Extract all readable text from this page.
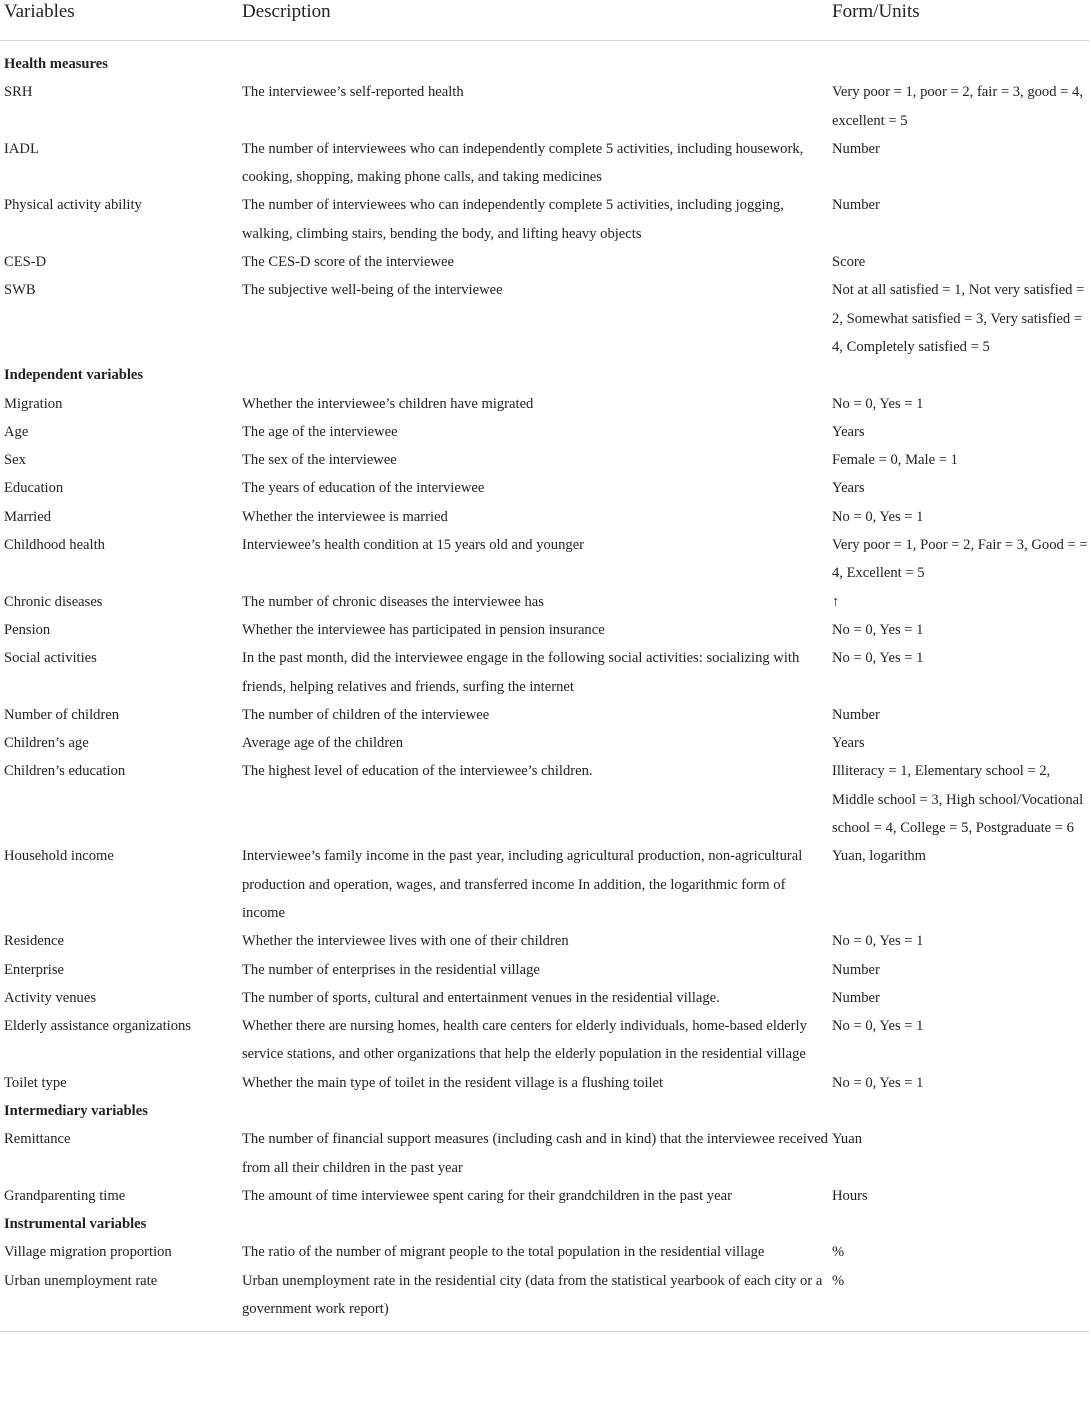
Variables	Description	Form/Units
Health measures		
SRH	The interviewee’s self-reported health	Very poor = 1, poor = 2, fair = 3, good = 4, excellent = 5
IADL	The number of interviewees who can independently complete 5 activities, including housework, cooking, shopping, making phone calls, and taking medicines	Number
Physical activity ability	The number of interviewees who can independently complete 5 activities, including jogging, walking, climbing stairs, bending the body, and lifting heavy objects	Number
CES-D	The CES-D score of the interviewee	Score
SWB	The subjective well-being of the interviewee	Not at all satisfied = 1, Not very satisfied = 2, Somewhat satisfied = 3, Very satisfied = 4, Completely satisfied = 5
Independent variables		
Migration	Whether the interviewee’s children have migrated	No = 0, Yes = 1
Age	The age of the interviewee	Years
Sex	The sex of the interviewee	Female = 0, Male = 1
Education	The years of education of the interviewee	Years
Married	Whether the interviewee is married	No = 0, Yes = 1
Childhood health	Interviewee’s health condition at 15 years old and younger	Very poor = 1, Poor = 2, Fair = 3, Good = = 4, Excellent = 5
Chronic diseases	The number of chronic diseases the interviewee has	↑
Pension	Whether the interviewee has participated in pension insurance	No = 0, Yes = 1
Social activities	In the past month, did the interviewee engage in the following social activities: socializing with friends, helping relatives and friends, surfing the internet	No = 0, Yes = 1
Number of children	The number of children of the interviewee	Number
Children’s age	Average age of the children	Years
Children’s education	The highest level of education of the interviewee’s children.	Illiteracy = 1, Elementary school = 2, Middle school = 3, High school/Vocational school = 4, College = 5, Postgraduate = 6
Household income	Interviewee’s family income in the past year, including agricultural production, non-agricultural production and operation, wages, and transferred income In addition, the logarithmic form of income	Yuan, logarithm
Residence	Whether the interviewee lives with one of their children	No = 0, Yes = 1
Enterprise	The number of enterprises in the residential village	Number
Activity venues	The number of sports, cultural and entertainment venues in the residential village.	Number
Elderly assistance organizations	Whether there are nursing homes, health care centers for elderly individuals, home-based elderly service stations, and other organizations that help the elderly population in the residential village	No = 0, Yes = 1
Toilet type	Whether the main type of toilet in the resident village is a flushing toilet	No = 0, Yes = 1
Intermediary variables		
Remittance	The number of financial support measures (including cash and in kind) that the interviewee received from all their children in the past year	Yuan
Grandparenting time	The amount of time interviewee spent caring for their grandchildren in the past year	Hours
Instrumental variables		
Village migration proportion	The ratio of the number of migrant people to the total population in the residential village	%
Urban unemployment rate	Urban unemployment rate in the residential city (data from the statistical yearbook of each city or a government work report)	%
